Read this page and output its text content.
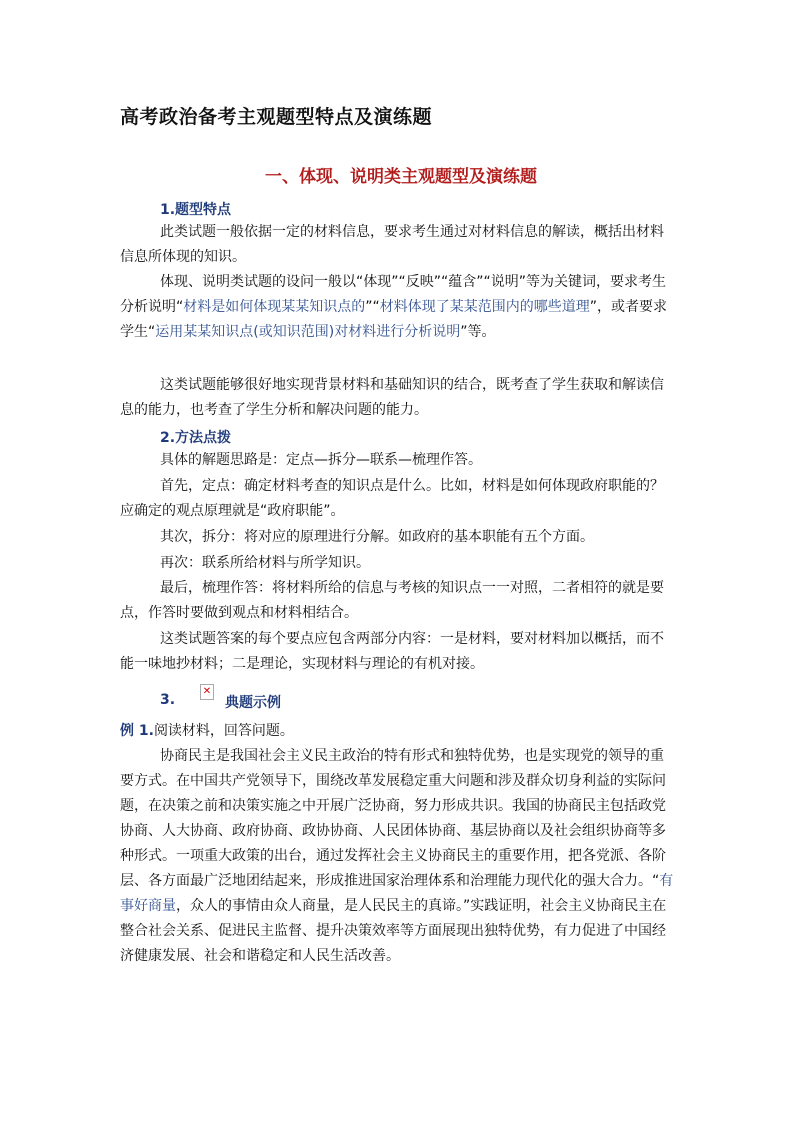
高考政治备考主观题型特点及演练题
一、体现、说明类主观题型及演练题
1.题型特点

此类试题一般依据一定的材料信息，要求考生通过对材料信息的解读，概括出材料信息所体现的知识。

体现、说明类试题的设问一般以“体现”“反映”“蕴含”“说明”等为关键词，要求考生分析说明“材料是如何体现某某知识点的”“材料体现了某某范围内的哪些道理”，或者要求学生“运用某某知识点(或知识范围)对材料进行分析说明”等。

这类试题能够很好地实现背景材料和基础知识的结合，既考查了学生获取和解读信息的能力，也考查了学生分析和解决问题的能力。

2.方法点拨

具体的解题思路是：定点—拆分—联系—梳理作答。

首先，定点：确定材料考查的知识点是什么。比如，材料是如何体现政府职能的？应确定的观点原理就是“政府职能”。

其次，拆分：将对应的原理进行分解。如政府的基本职能有五个方面。

再次：联系所给材料与所学知识。

最后，梳理作答：将材料所给的信息与考核的知识点一一对照，二者相符的就是要点，作答时要做到观点和材料相结合。

这类试题答案的每个要点应包含两部分内容：一是材料，要对材料加以概括，而不能一味地抄材料；二是理论，实现材料与理论的有机对接。

3.
✕
典题示例

例 1.阅读材料，回答问题。

协商民主是我国社会主义民主政治的特有形式和独特优势，也是实现党的领导的重要方式。在中国共产党领导下，围绕改革发展稳定重大问题和涉及群众切身利益的实际问题，在决策之前和决策实施之中开展广泛协商，努力形成共识。我国的协商民主包括政党协商、人大协商、政府协商、政协协商、人民团体协商、基层协商以及社会组织协商等多种形式。一项重大政策的出台，通过发挥社会主义协商民主的重要作用，把各党派、各阶层、各方面最广泛地团结起来，形成推进国家治理体系和治理能力现代化的强大合力。“有事好商量，众人的事情由众人商量，是人民民主的真谛。”实践证明，社会主义协商民主在整合社会关系、促进民主监督、提升决策效率等方面展现出独特优势，有力促进了中国经济健康发展、社会和谐稳定和人民生活改善。
